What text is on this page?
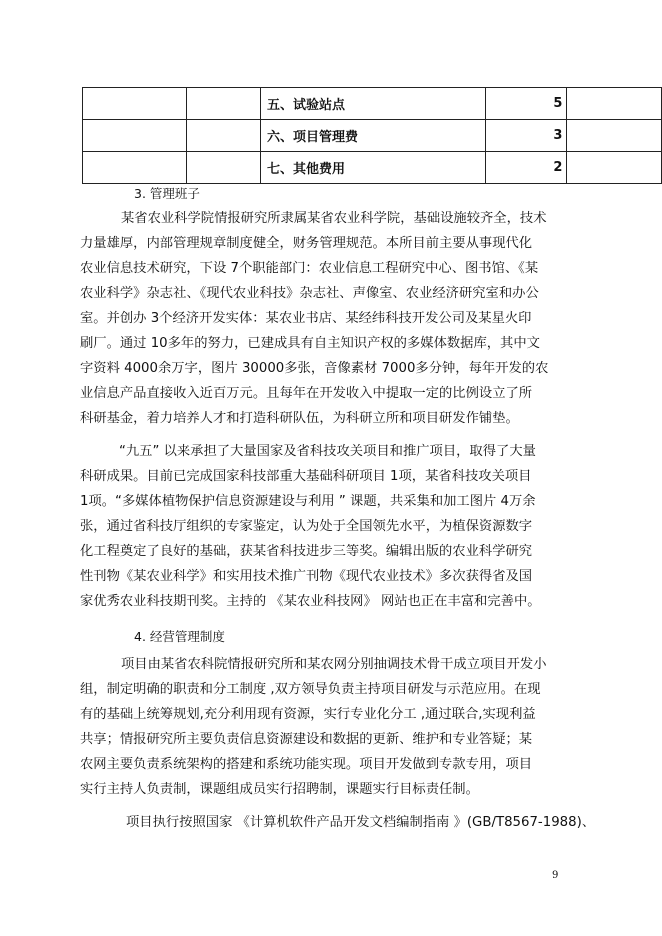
		五、试验站点	5	
		六、项目管理费	3	
		七、其他费用	2	
3. 管理班子
某省农业科学院情报研究所隶属某省农业科学院，基础设施较齐全，技术
力量雄厚，内部管理规章制度健全，财务管理规范。本所目前主要从事现代化
农业信息技术研究，下设 7个职能部门：农业信息工程研究中心、图书馆、《某
农业科学》杂志社、《现代农业科技》杂志社、声像室、农业经济研究室和办公
室。并创办 3个经济开发实体：某农业书店、某经纬科技开发公司及某星火印
刷厂。通过 10多年的努力，已建成具有自主知识产权的多媒体数据库，其中文
字资料 4000余万字，图片 30000多张，音像素材 7000多分钟，每年开发的农
业信息产品直接收入近百万元。且每年在开发收入中提取一定的比例设立了所
科研基金，着力培养人才和打造科研队伍，为科研立所和项目研发作铺垫。
“九五” 以来承担了大量国家及省科技攻关项目和推广项目，取得了大量
科研成果。目前已完成国家科技部重大基础科研项目 1项，某省科技攻关项目
1项。“多媒体植物保护信息资源建设与利用 ” 课题，共采集和加工图片 4万余
张，通过省科技厅组织的专家鉴定，认为处于全国领先水平，为植保资源数字
化工程奠定了良好的基础，获某省科技进步三等奖。编辑出版的农业科学研究
性刊物《某农业科学》和实用技术推广刊物《现代农业技术》多次获得省及国
家优秀农业科技期刊奖。主持的 《某农业科技网》 网站也正在丰富和完善中。
4. 经营管理制度
项目由某省农科院情报研究所和某农网分别抽调技术骨干成立项目开发小
组，制定明确的职责和分工制度 ,双方领导负责主持项目研发与示范应用。在现
有的基础上统筹规划,充分利用现有资源，实行专业化分工 ,通过联合,实现利益
共享；情报研究所主要负责信息资源建设和数据的更新、维护和专业答疑；某
农网主要负责系统架构的搭建和系统功能实现。项目开发做到专款专用，项目
实行主持人负责制，课题组成员实行招聘制，课题实行目标责任制。
项目执行按照国家 《计算机软件产品开发文档编制指南 》(GB/T8567-1988)、
9
